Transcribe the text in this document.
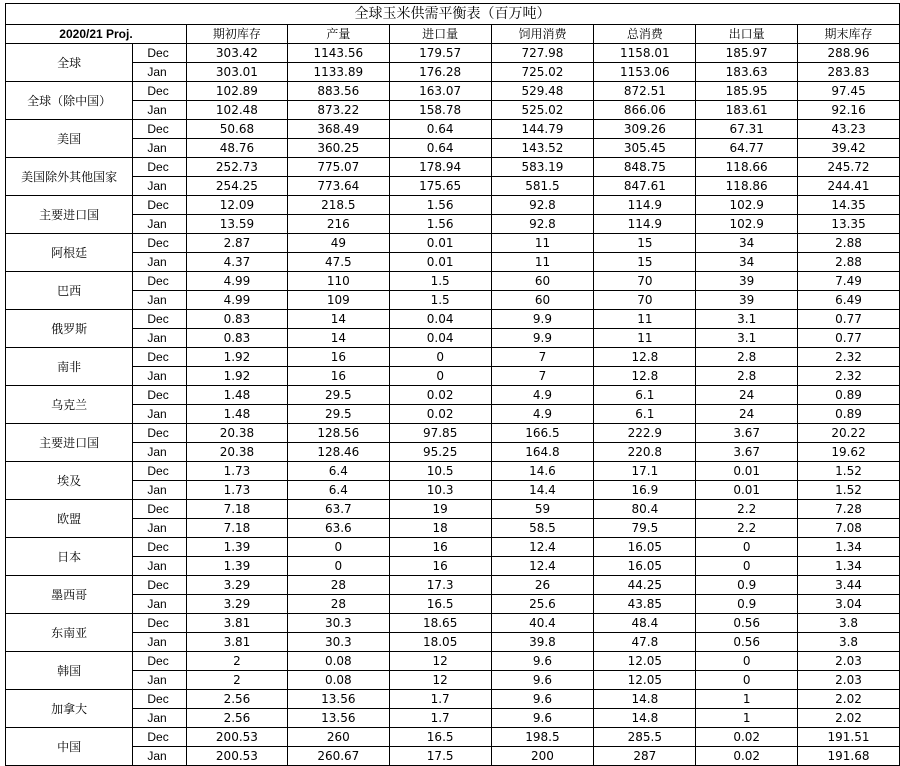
全球玉米供需平衡表（百万吨）								
2020/21 Proj.		期初库存	产量	进口量	饲用消费	总消费	出口量	期末库存
全球	Dec	303.42	1143.56	179.57	727.98	1158.01	185.97	288.96
	Jan	303.01	1133.89	176.28	725.02	1153.06	183.63	283.83
全球（除中国）	Dec	102.89	883.56	163.07	529.48	872.51	185.95	97.45
	Jan	102.48	873.22	158.78	525.02	866.06	183.61	92.16
美国	Dec	50.68	368.49	0.64	144.79	309.26	67.31	43.23
	Jan	48.76	360.25	0.64	143.52	305.45	64.77	39.42
美国除外其他国家	Dec	252.73	775.07	178.94	583.19	848.75	118.66	245.72
	Jan	254.25	773.64	175.65	581.5	847.61	118.86	244.41
主要进口国	Dec	12.09	218.5	1.56	92.8	114.9	102.9	14.35
	Jan	13.59	216	1.56	92.8	114.9	102.9	13.35
阿根廷	Dec	2.87	49	0.01	11	15	34	2.88
	Jan	4.37	47.5	0.01	11	15	34	2.88
巴西	Dec	4.99	110	1.5	60	70	39	7.49
	Jan	4.99	109	1.5	60	70	39	6.49
俄罗斯	Dec	0.83	14	0.04	9.9	11	3.1	0.77
	Jan	0.83	14	0.04	9.9	11	3.1	0.77
南非	Dec	1.92	16	0	7	12.8	2.8	2.32
	Jan	1.92	16	0	7	12.8	2.8	2.32
乌克兰	Dec	1.48	29.5	0.02	4.9	6.1	24	0.89
	Jan	1.48	29.5	0.02	4.9	6.1	24	0.89
主要进口国	Dec	20.38	128.56	97.85	166.5	222.9	3.67	20.22
	Jan	20.38	128.46	95.25	164.8	220.8	3.67	19.62
埃及	Dec	1.73	6.4	10.5	14.6	17.1	0.01	1.52
	Jan	1.73	6.4	10.3	14.4	16.9	0.01	1.52
欧盟	Dec	7.18	63.7	19	59	80.4	2.2	7.28
	Jan	7.18	63.6	18	58.5	79.5	2.2	7.08
日本	Dec	1.39	0	16	12.4	16.05	0	1.34
	Jan	1.39	0	16	12.4	16.05	0	1.34
墨西哥	Dec	3.29	28	17.3	26	44.25	0.9	3.44
	Jan	3.29	28	16.5	25.6	43.85	0.9	3.04
东南亚	Dec	3.81	30.3	18.65	40.4	48.4	0.56	3.8
	Jan	3.81	30.3	18.05	39.8	47.8	0.56	3.8
韩国	Dec	2	0.08	12	9.6	12.05	0	2.03
	Jan	2	0.08	12	9.6	12.05	0	2.03
加拿大	Dec	2.56	13.56	1.7	9.6	14.8	1	2.02
	Jan	2.56	13.56	1.7	9.6	14.8	1	2.02
中国	Dec	200.53	260	16.5	198.5	285.5	0.02	191.51
	Jan	200.53	260.67	17.5	200	287	0.02	191.68
